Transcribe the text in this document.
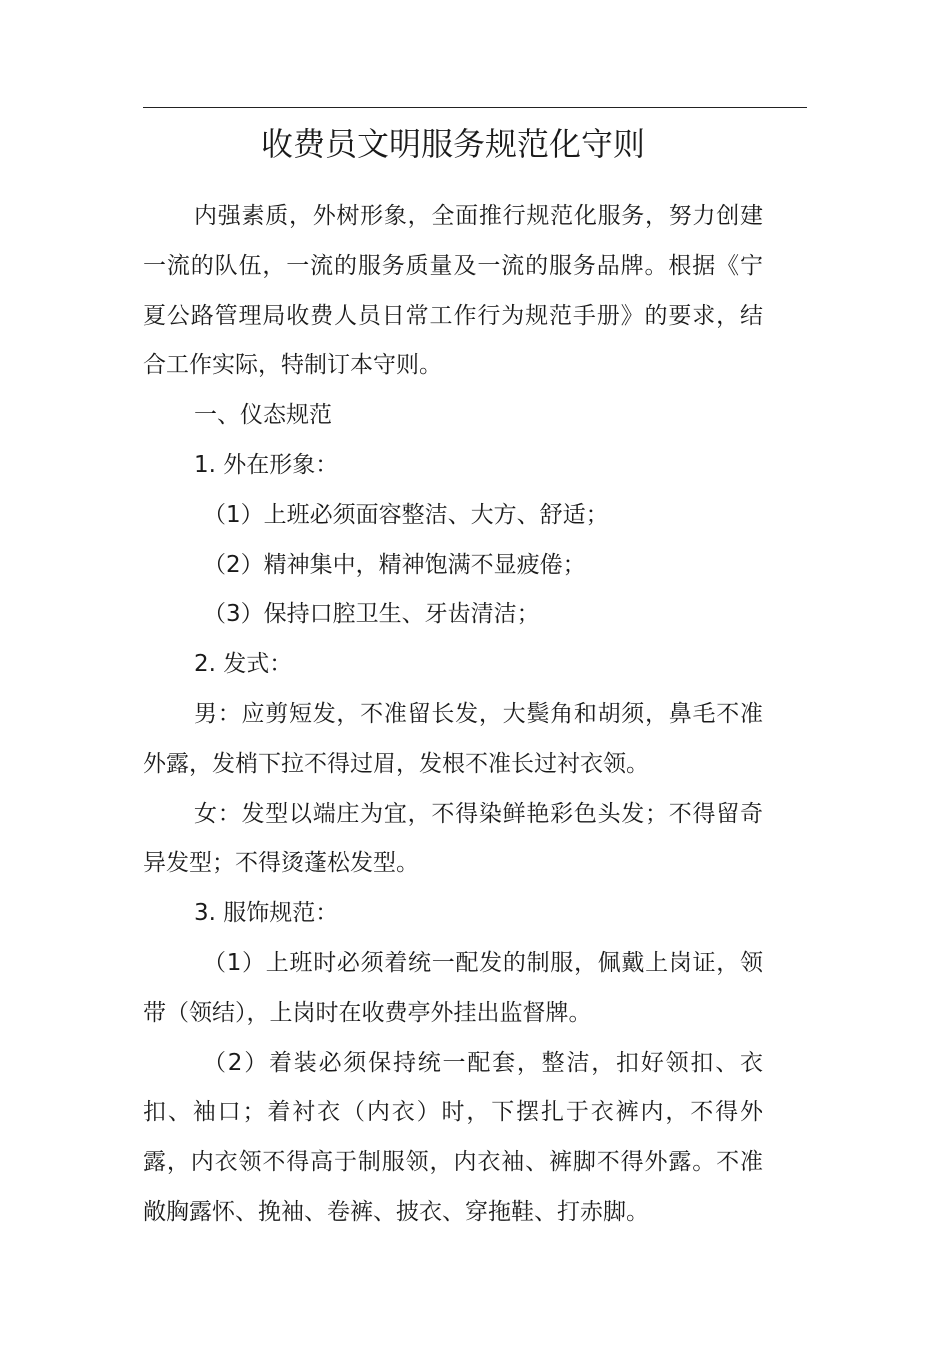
收费员文明服务规范化守则

内强素质，外树形象，全面推行规范化服务，努力创建一流的队伍，一流的服务质量及一流的服务品牌。根据《宁夏公路管理局收费人员日常工作行为规范手册》的要求，结合工作实际，特制订本守则。

一、仪态规范

1. 外在形象：

（1）上班必须面容整洁、大方、舒适；

（2）精神集中，精神饱满不显疲倦；

（3）保持口腔卫生、牙齿清洁；

2. 发式：

男：应剪短发，不准留长发，大鬓角和胡须，鼻毛不准外露，发梢下拉不得过眉，发根不准长过衬衣领。

女：发型以端庄为宜，不得染鲜艳彩色头发；不得留奇异发型；不得烫蓬松发型。

3. 服饰规范：

（1）上班时必须着统一配发的制服，佩戴上岗证，领带（领结），上岗时在收费亭外挂出监督牌。

（2）着装必须保持统一配套，整洁，扣好领扣、衣扣、袖口；着衬衣（内衣）时，下摆扎于衣裤内，不得外露，内衣领不得高于制服领，内衣袖、裤脚不得外露。不准敞胸露怀、挽袖、卷裤、披衣、穿拖鞋、打赤脚。
